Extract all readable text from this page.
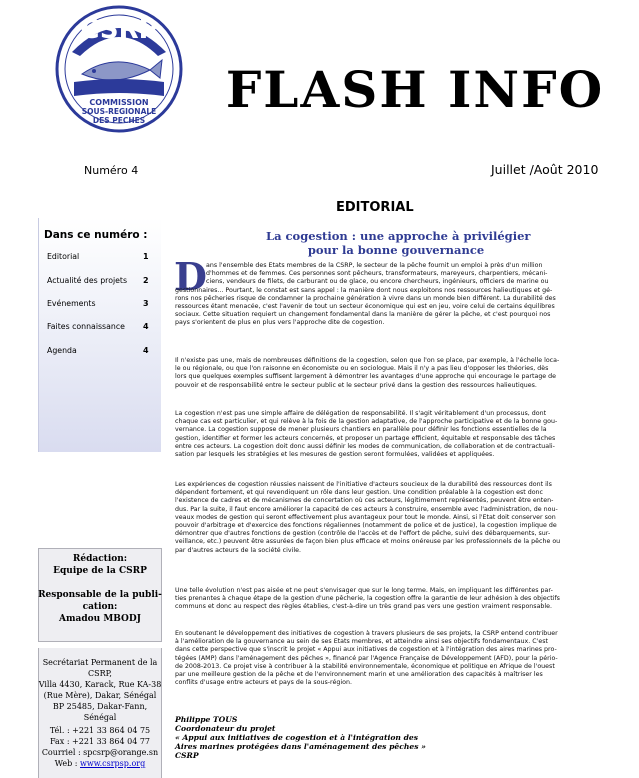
CSRP
COMMISSION
SOUS-REGIONALE
DES PECHES
FLASH INFO
Numéro 4	Juillet /Août 2010
Dans ce numéro :
Editorial	1
Actualité des projets 2
Evénements	3
Faites connaissance 4
Agenda	4
Rédaction:
Equipe de la CSRP
Responsable de la publi-
cation:
Amadou MBODJ
Secrétariat Permanent de la
CSRP,
Villa 4430, Karack, Rue KA-38
(Rue Mère), Dakar, Sénégal
BP 25485, Dakar-Fann,
Sénégal
Tél. : +221 33 864 04 75
Fax : +221 33 864 04 77
Courriel : spcsrp@orange.sn
Web : www.csrpsp.org
EDITORIAL
La cogestion : une approche à privilégier
pour la bonne gouvernance
D ans l'ensemble des Etats membres de la CSRP, le secteur de la pêche fournit un emploi à près d'un million
d'hommes et de femmes. Ces personnes sont pêcheurs, transformateurs, mareyeurs, charpentiers, mécani-
ciens, vendeurs de filets, de carburant ou de glace, ou encore chercheurs, ingénieurs, officiers de marine ou
gestionnaires... Pourtant, le constat est sans appel : la manière dont nous exploitons nos ressources halieutiques et gé-
rons nos pêcheries risque de condamner la prochaine génération à vivre dans un monde bien différent. La durabilité des
ressources étant menacée, c'est l'avenir de tout un secteur économique qui est en jeu, voire celui de certains équilibres
sociaux. Cette situation requiert un changement fondamental dans la manière de gérer la pêche, et c'est pourquoi nos
pays s'orientent de plus en plus vers l'approche dite de cogestion.
Il n'existe pas une, mais de nombreuses définitions de la cogestion, selon que l'on se place, par exemple, à l'échelle loca-
le ou régionale, ou que l'on raisonne en économiste ou en sociologue. Mais il n'y a pas lieu d'opposer les théories, dès
lors que quelques exemples suffisent largement à démontrer les avantages d'une approche qui encourage le partage de
pouvoir et de responsabilité entre le secteur public et le secteur privé dans la gestion des ressources halieutiques.
La cogestion n'est pas une simple affaire de délégation de responsabilité. Il s'agit véritablement d'un processus, dont
chaque cas est particulier, et qui relève à la fois de la gestion adaptative, de l'approche participative et de la bonne gou-
vernance. La cogestion suppose de mener plusieurs chantiers en parallèle pour définir les fonctions essentielles de la
gestion, identifier et former les acteurs concernés, et proposer un partage efficient, équitable et responsable des tâches
entre ces acteurs. La cogestion doit donc aussi définir les modes de communication, de collaboration et de contractuali-
sation par lesquels les stratégies et les mesures de gestion seront formulées, validées et appliquées.
Les expériences de cogestion réussies naissent de l'initiative d'acteurs soucieux de la durabilité des ressources dont ils
dépendent fortement, et qui revendiquent un rôle dans leur gestion. Une condition préalable à la cogestion est donc
l'existence de cadres et de mécanismes de concertation où ces acteurs, légitimement représentés, peuvent être enten-
dus. Par la suite, il faut encore améliorer la capacité de ces acteurs à construire, ensemble avec l'administration, de nou-
veaux modes de gestion qui seront effectivement plus avantageux pour tout le monde. Ainsi, si l'Etat doit conserver son
pouvoir d'arbitrage et d'exercice des fonctions régaliennes (notamment de police et de justice), la cogestion implique de
démontrer que d'autres fonctions de gestion (contrôle de l'accès et de l'effort de pêche, suivi des débarquements, sur-
veillance, etc.) peuvent être assurées de façon bien plus efficace et moins onéreuse par les professionnels de la pêche ou
par d'autres acteurs de la société civile.
Une telle évolution n'est pas aisée et ne peut s'envisager que sur le long terme. Mais, en impliquant les différentes par-
ties prenantes à chaque étape de la gestion d'une pêcherie, la cogestion offre la garantie de leur adhésion à des objectifs
communs et donc au respect des règles établies, c'est-à-dire un très grand pas vers une gestion vraiment responsable.
En soutenant le développement des initiatives de cogestion à travers plusieurs de ses projets, la CSRP entend contribuer
à l'amélioration de la gouvernance au sein de ses Etats membres, et atteindre ainsi ses objectifs fondamentaux. C'est
dans cette perspective que s'inscrit le projet « Appui aux initiatives de cogestion et à l'intégration des aires marines pro-
tégées (AMP) dans l'aménagement des pêches », financé par l'Agence Française de Développement (AFD), pour la pério-
de 2008-2013. Ce projet vise à contribuer à la stabilité environnementale, économique et politique en Afrique de l'ouest
par une meilleure gestion de la pêche et de l'environnement marin et une amélioration des capacités à maîtriser les
conflits d'usage entre acteurs et pays de la sous-région.
Philippe TOUS
Coordonateur du projet
« Appui aux initiatives de cogestion et à l'intégration des
Aires marines protégées dans l'aménagement des pêches »
CSRP
